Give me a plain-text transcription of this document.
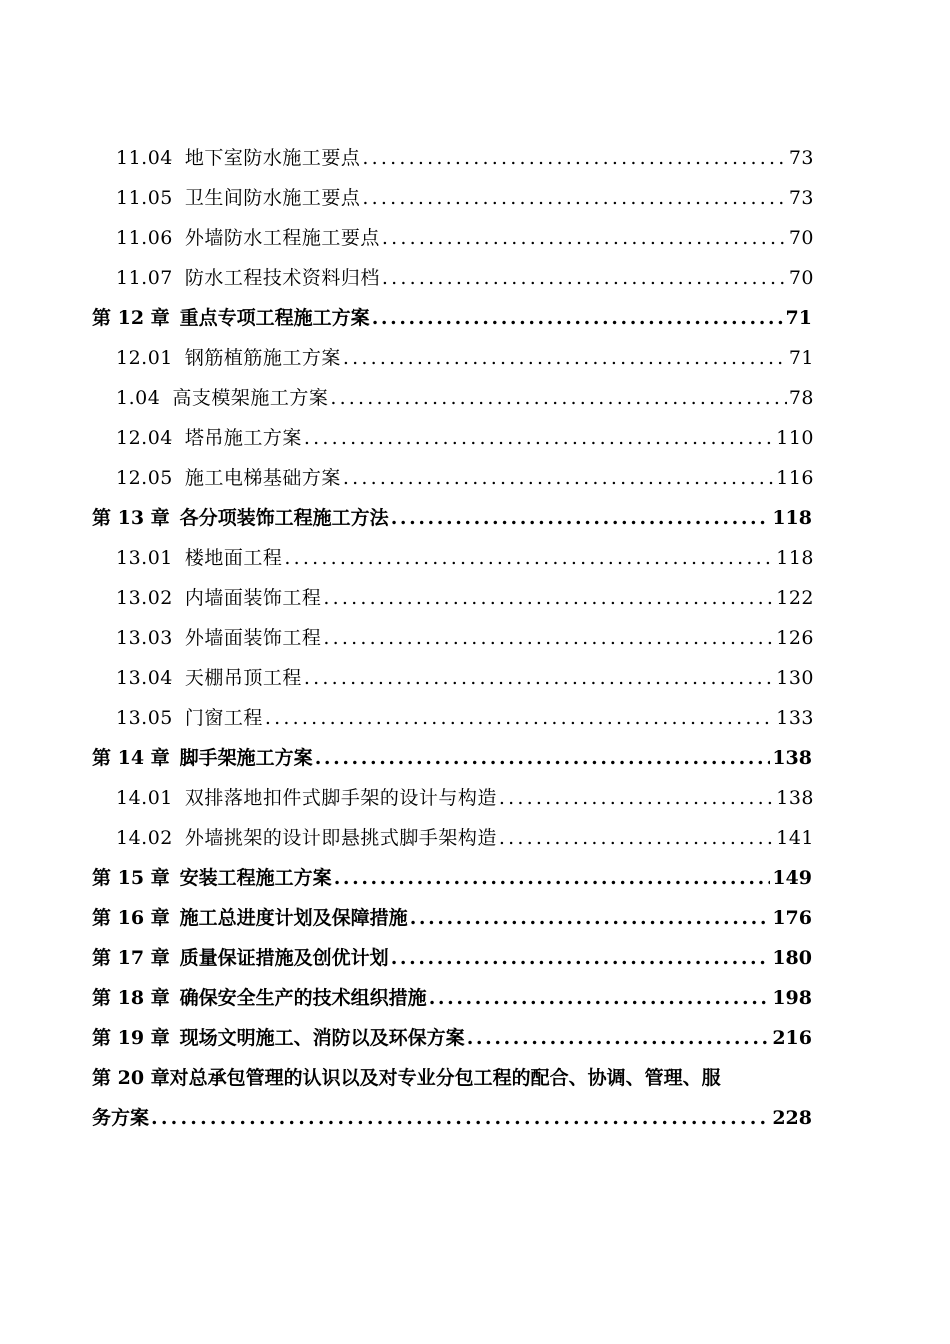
11.04 地下室防水施工要点 .....	73
11.05 卫生间防水施工要点 .....	73
11.06 外墙防水工程施工要点 .....	70
11.07 防水工程技术资料归档 .....	70
第 12 章 重点专项工程施工方案 .....	71
12.01 钢筋植筋施工方案 .....	71
1.04 高支模架施工方案 .....	78
12.04 塔吊施工方案 .....	110
12.05 施工电梯基础方案 .....	116
第 13 章 各分项装饰工程施工方法 .....	118
13.01 楼地面工程 .....	118
13.02 内墙面装饰工程 .....	122
13.03 外墙面装饰工程 .....	126
13.04 天棚吊顶工程 .....	130
13.05 门窗工程 .....	133
第 14 章 脚手架施工方案 .....	138
14.01 双排落地扣件式脚手架的设计与构造 .....	138
14.02 外墙挑架的设计即悬挑式脚手架构造 .....	141
第 15 章 安装工程施工方案 .....	149
第 16 章 施工总进度计划及保障措施 .....	176
第 17 章 质量保证措施及创优计划 .....	180
第 18 章 确保安全生产的技术组织措施 .....	198
第 19 章 现场文明施工、消防以及环保方案 .....	216
第 20 章 对总承包管理的认识以及对专业分包工程的配合、协调、管理、服
务方案 .....	228
